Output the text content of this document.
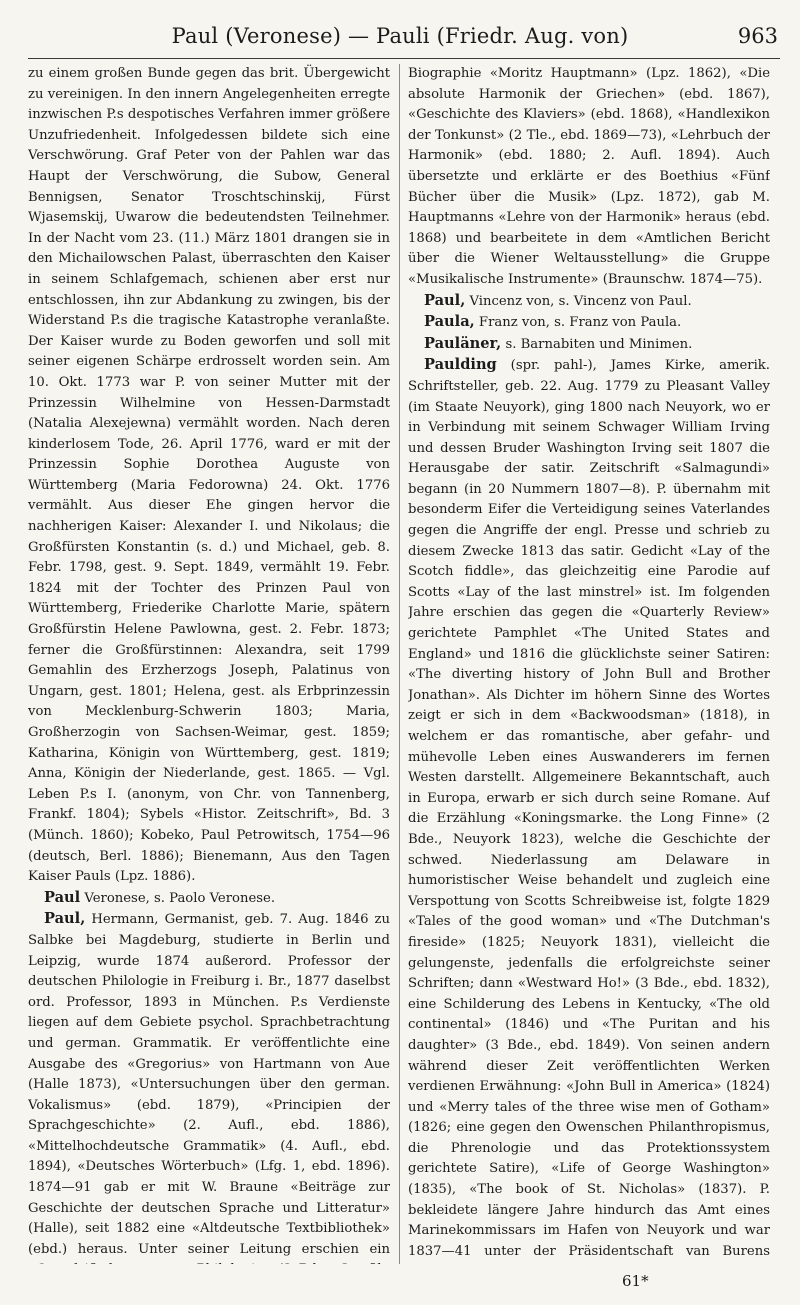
Paul (Veronese) — Pauli (Friedr. Aug. von)	963

zu einem großen Bunde gegen das brit. Übergewicht zu vereinigen. In den innern Angelegenheiten erregte inzwischen P.s despotisches Verfahren immer größere Unzufriedenheit. Infolgedessen bildete sich eine Verschwörung. Graf Peter von der Pahlen war das Haupt der Verschwörung, die Subow, General Bennigsen, Senator Troschtschinskij, Fürst Wjasemskij, Uwarow die bedeutendsten Teilnehmer. In der Nacht vom 23. (11.) März 1801 drangen sie in den Michailowschen Palast, überraschten den Kaiser in seinem Schlafgemach, schienen aber erst nur entschlossen, ihn zur Abdankung zu zwingen, bis der Widerstand P.s die tragische Katastrophe veranlaßte. Der Kaiser wurde zu Boden geworfen und soll mit seiner eigenen Schärpe erdrosselt worden sein. Am 10. Okt. 1773 war P. von seiner Mutter mit der Prinzessin Wilhelmine von Hessen-Darmstadt (Natalia Alexejewna) vermählt worden. Nach deren kinderlosem Tode, 26. April 1776, ward er mit der Prinzessin Sophie Dorothea Auguste von Württemberg (Maria Fedorowna) 24. Okt. 1776 vermählt. Aus dieser Ehe gingen hervor die nachherigen Kaiser: Alexander I. und Nikolaus; die Großfürsten Konstantin (s. d.) und Michael, geb. 8. Febr. 1798, gest. 9. Sept. 1849, vermählt 19. Febr. 1824 mit der Tochter des Prinzen Paul von Württemberg, Friederike Charlotte Marie, spätern Großfürstin Helene Pawlowna, gest. 2. Febr. 1873; ferner die Großfürstinnen: Alexandra, seit 1799 Gemahlin des Erzherzogs Joseph, Palatinus von Ungarn, gest. 1801; Helena, gest. als Erbprinzessin von Mecklenburg-Schwerin 1803; Maria, Großherzogin von Sachsen-Weimar, gest. 1859; Katharina, Königin von Württemberg, gest. 1819; Anna, Königin der Niederlande, gest. 1865. — Vgl. Leben P.s I. (anonym, von Chr. von Tannenberg, Frankf. 1804); Sybels «Histor. Zeitschrift», Bd. 3 (Münch. 1860); Kobeko, Paul Petrowitsch, 1754—96 (deutsch, Berl. 1886); Bienemann, Aus den Tagen Kaiser Pauls (Lpz. 1886).

Paul Veronese, s. Paolo Veronese.

Paul, Hermann, Germanist, geb. 7. Aug. 1846 zu Salbke bei Magdeburg, studierte in Berlin und Leipzig, wurde 1874 außerord. Professor der deutschen Philologie in Freiburg i. Br., 1877 daselbst ord. Professor, 1893 in München. P.s Verdienste liegen auf dem Gebiete psychol. Sprachbetrachtung und german. Grammatik. Er veröffentlichte eine Ausgabe des «Gregorius» von Hartmann von Aue (Halle 1873), «Untersuchungen über den german. Vokalismus» (ebd. 1879), «Principien der Sprachgeschichte» (2. Aufl., ebd. 1886), «Mittelhochdeutsche Grammatik» (4. Aufl., ebd. 1894), «Deutsches Wörterbuch» (Lfg. 1, ebd. 1896). 1874—91 gab er mit W. Braune «Beiträge zur Geschichte der deutschen Sprache und Litteratur» (Halle), seit 1882 eine «Altdeutsche Textbibliothek» (ebd.) heraus. Unter seiner Leitung erschien ein

Biographie «Moritz Hauptmann» (Lpz. 1862), «Die absolute Harmonik der Griechen» (ebd. 1867), «Geschichte des Klaviers» (ebd. 1868), «Handlexikon der Tonkunst» (2 Tle., ebd. 1869—73), «Lehrbuch der Harmonik» (ebd. 1880; 2. Aufl. 1894). Auch übersetzte und erklärte er des Boethius «Fünf Bücher über die Musik» (Lpz. 1872), gab M. Hauptmanns «Lehre von der Harmonik» heraus (ebd. 1868) und bearbeitete in dem «Amtlichen Bericht über die Wiener Weltausstellung» die Gruppe «Musikalische Instrumente» (Braunschw. 1874—75).

Paul, Vincenz von, s. Vincenz von Paul.

Paula, Franz von, s. Franz von Paula.

Pauläner, s. Barnabiten und Minimen.

Paulding (spr. pahl-), James Kirke, amerik. Schriftsteller, geb. 22. Aug. 1779 zu Pleasant Valley (im Staate Neuyork), ging 1800 nach Neuyork, wo er in Verbindung mit seinem Schwager William Irving und dessen Bruder Washington Irving seit 1807 die Herausgabe der satir. Zeitschrift «Salmagundi» begann (in 20 Nummern 1807—8). P. übernahm mit besonderm Eifer die Verteidigung seines Vaterlandes gegen die Angriffe der engl. Presse und schrieb zu diesem Zwecke 1813 das satir. Gedicht «Lay of the Scotch fiddle», das gleichzeitig eine Parodie auf Scotts «Lay of the last minstrel» ist. Im folgenden Jahre erschien das gegen die «Quarterly Review» gerichtete Pamphlet «The United States and England» und 1816 die glücklichste seiner Satiren: «The diverting history of John Bull and Brother Jonathan». Als Dichter im höhern Sinne des Wortes zeigt er sich in dem «Backwoodsman» (1818), in welchem er das romantische, aber gefahr- und mühevolle Leben eines Auswanderers im fernen Westen darstellt. Allgemeinere Bekanntschaft, auch in Europa, erwarb er sich durch seine Romane. Auf die Erzählung «Koningsmarke. the Long Finne» (2 Bde., Neuyork 1823), welche die Geschichte der schwed. Niederlassung am Delaware in humoristischer Weise behandelt und zugleich eine Verspottung von Scotts Schreibweise ist, folgte 1829 «Tales of the good woman» und «The Dutchman's fireside» (1825; Neuyork 1831), vielleicht die gelungenste, jedenfalls die erfolgreichste seiner Schriften; dann «Westward Ho!» (3 Bde., ebd. 1832), eine Schilderung des Lebens in Kentucky, «The old continental» (1846) und «The Puritan and his daughter» (3 Bde., ebd. 1849). Von seinen andern während dieser Zeit veröffentlichten Werken verdienen Erwähnung: «John Bull in America» (1824) und «Merry tales of the three wise men of Gotham» (1826; eine gegen den Owenschen Philanthropismus, die Phrenologie und das Protektionssystem gerichtete Satire), «Life of George Washington» (1835), «The book of St. Nicholas» (1837). P. bekleidete längere Jahre hindurch das Amt eines Marinekommissars im Hafen von Neuyork und war 1837—41 unter der Präsidentschaft van Burens

61*
